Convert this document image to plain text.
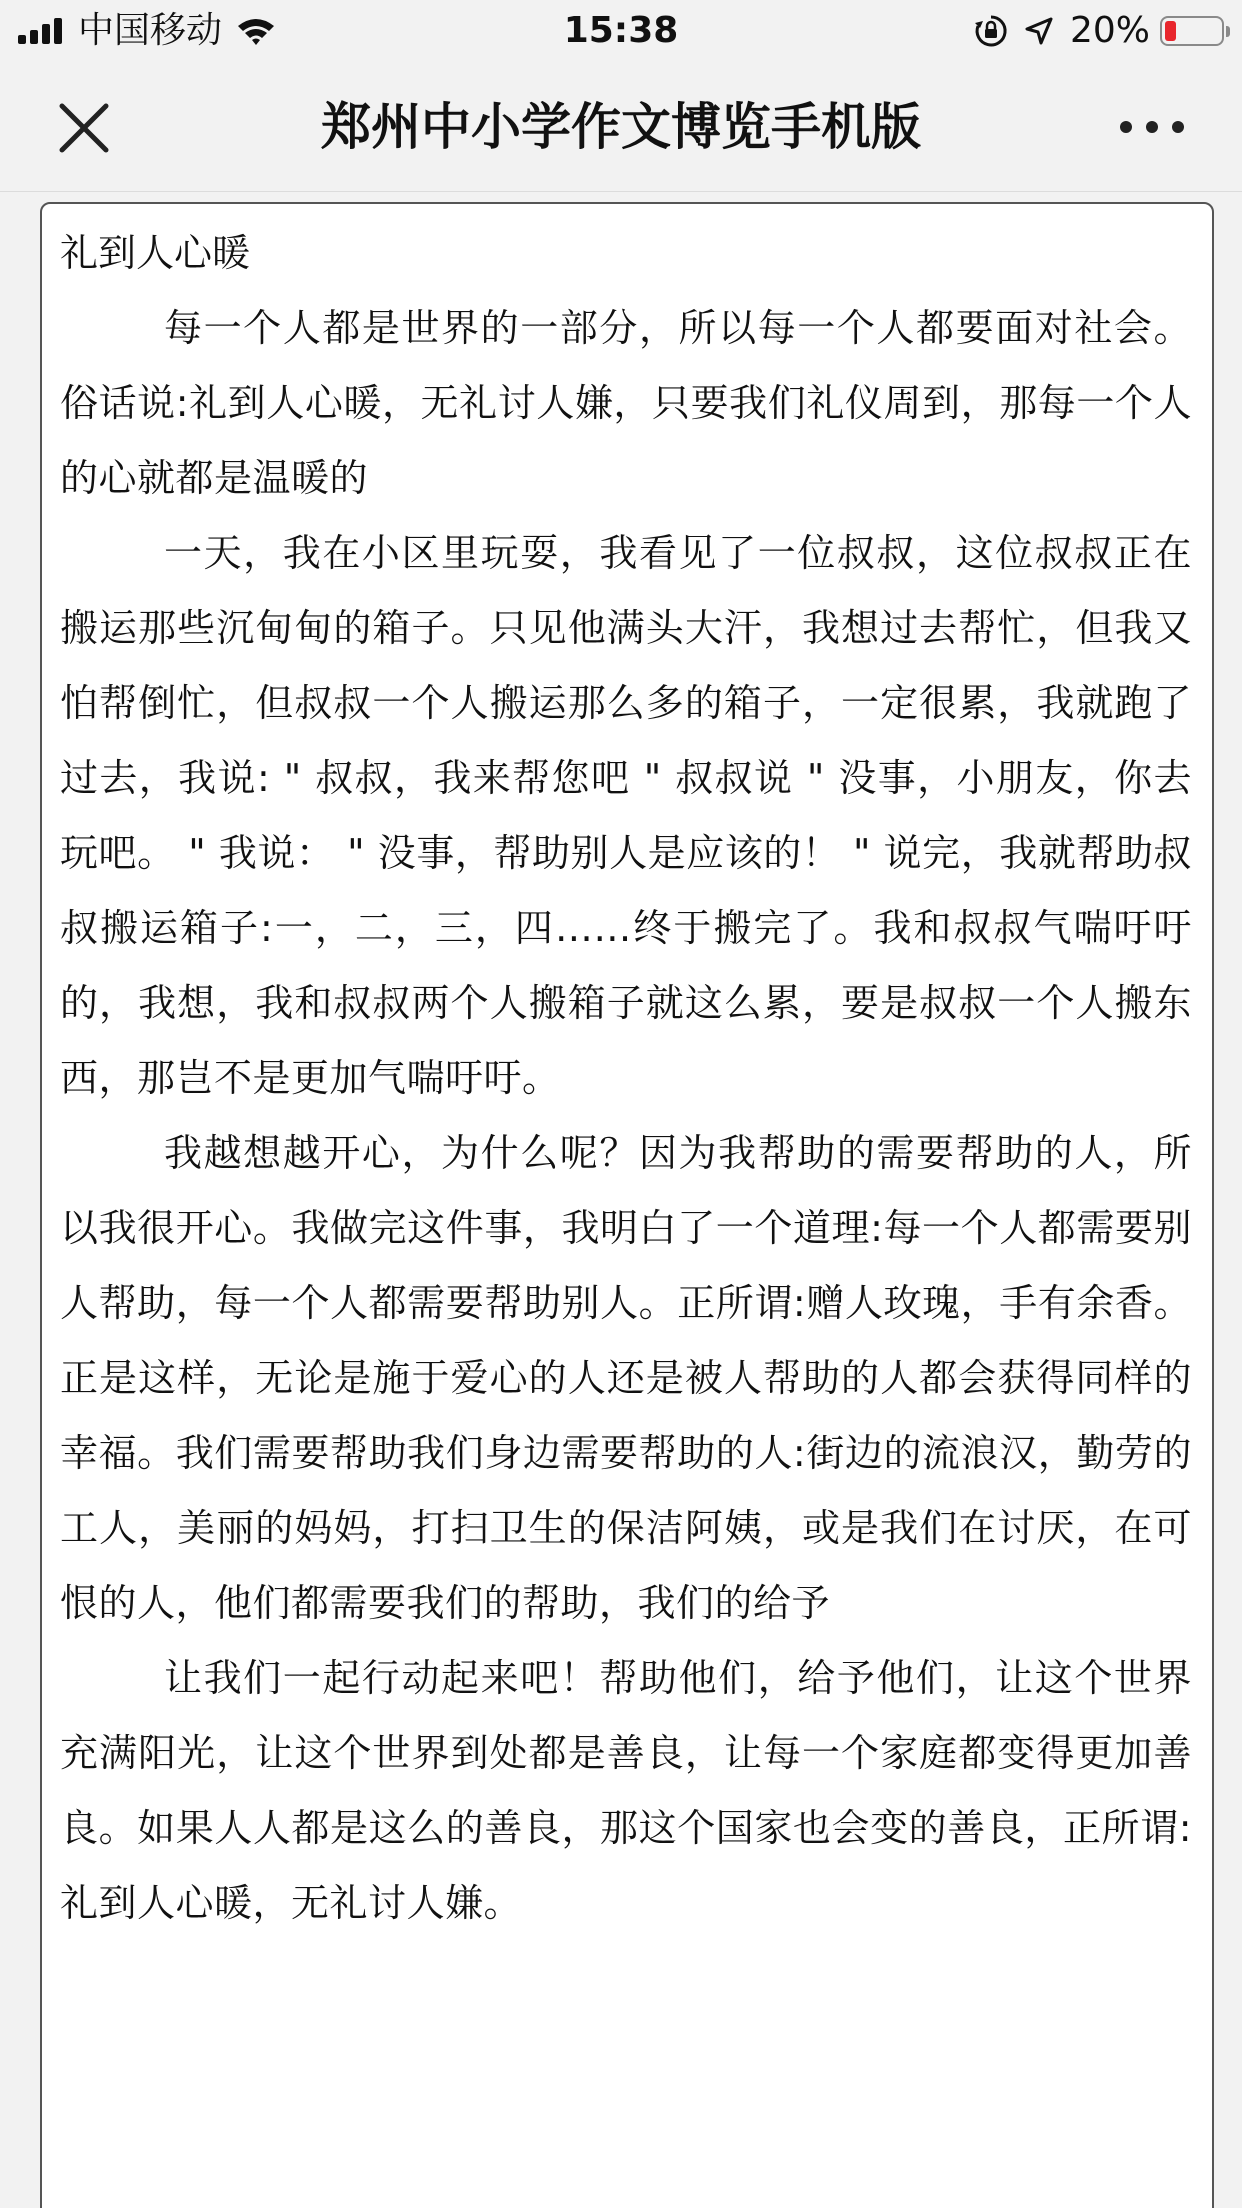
中国移动	15:38	20%
郑州中小学作文博览手机版
礼到人心暖

每一个人都是世界的一部分，所以每一个人都要面对社会。俗话说:礼到人心暖，无礼讨人嫌，只要我们礼仪周到，那每一个人的心就都是温暖的

一天，我在小区里玩耍，我看见了一位叔叔，这位叔叔正在搬运那些沉甸甸的箱子。只见他满头大汗，我想过去帮忙，但我又怕帮倒忙，但叔叔一个人搬运那么多的箱子，一定很累，我就跑了过去，我说: " 叔叔，我来帮您吧 " 叔叔说 " 没事，小朋友，你去玩吧。 " 我说： " 没事，帮助别人是应该的！ " 说完，我就帮助叔叔搬运箱子:一，二，三，四……终于搬完了。我和叔叔气喘吁吁的，我想，我和叔叔两个人搬箱子就这么累，要是叔叔一个人搬东西，那岂不是更加气喘吁吁。

我越想越开心，为什么呢？因为我帮助的需要帮助的人，所以我很开心。我做完这件事，我明白了一个道理:每一个人都需要别人帮助，每一个人都需要帮助别人。正所谓:赠人玫瑰，手有余香。正是这样，无论是施于爱心的人还是被人帮助的人都会获得同样的幸福。我们需要帮助我们身边需要帮助的人:街边的流浪汉，勤劳的工人，美丽的妈妈，打扫卫生的保洁阿姨，或是我们在讨厌，在可恨的人，他们都需要我们的帮助，我们的给予

让我们一起行动起来吧！帮助他们，给予他们，让这个世界充满阳光，让这个世界到处都是善良，让每一个家庭都变得更加善良。如果人人都是这么的善良，那这个国家也会变的善良，正所谓:礼到人心暖，无礼讨人嫌。
